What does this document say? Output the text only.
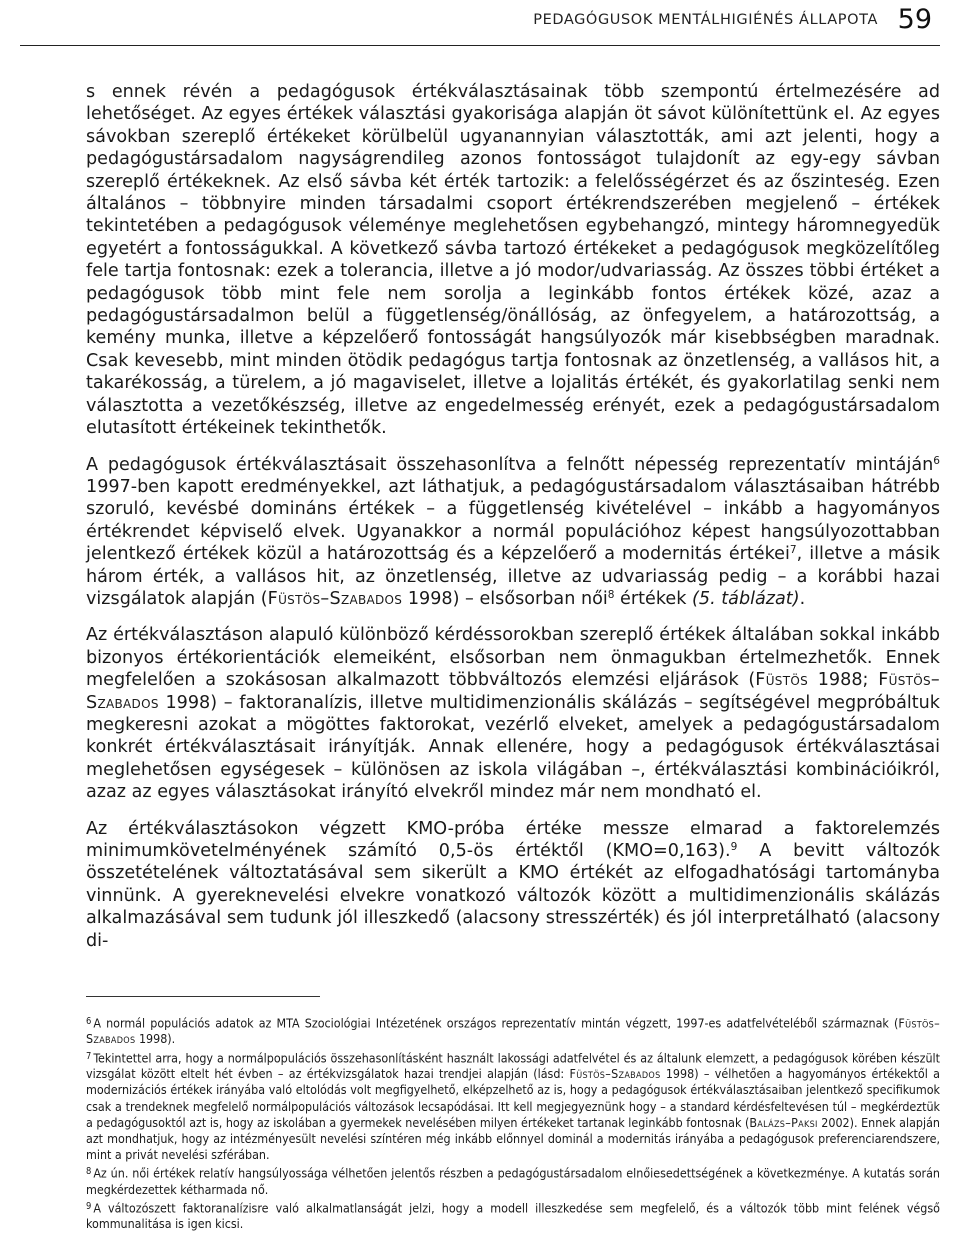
PEDAGÓGUSOK MENTÁLHIGIÉNÉS ÁLLAPOTA 59

s ennek révén a pedagógusok értékválasztásainak több szempontú értelmezésére ad lehetőséget. Az egyes értékek választási gyakorisága alapján öt sávot különítettünk el. Az egyes sávokban szereplő értékeket körülbelül ugyanannyian választották, ami azt jelenti, hogy a pedagógustársadalom nagyságrendileg azonos fontosságot tulajdonít az egy-egy sávban szereplő értékeknek. Az első sávba két érték tartozik: a felelősségérzet és az őszinteség. Ezen általános – többnyire minden társadalmi csoport értékrendszerében megjelenő – értékek tekintetében a pedagógusok véleménye meglehetősen egybehangzó, mintegy háromnegyedük egyetért a fontosságukkal. A következő sávba tartozó értékeket a pedagógusok megközelítőleg fele tartja fontosnak: ezek a tolerancia, illetve a jó modor/udvariasság. Az összes többi értéket a pedagógusok több mint fele nem sorolja a leginkább fontos értékek közé, azaz a pedagógustársadalmon belül a függetlenség/önállóság, az önfegyelem, a határozottság, a kemény munka, illetve a képzelőerő fontosságát hangsúlyozók már kisebbségben maradnak. Csak kevesebb, mint minden ötödik pedagógus tartja fontosnak az önzetlenség, a vallásos hit, a takarékosság, a türelem, a jó magaviselet, illetve a lojalitás értékét, és gyakorlatilag senki nem választotta a vezetőkészség, illetve az engedelmesség erényét, ezek a pedagógustársadalom elutasított értékeinek tekinthetők.

A pedagógusok értékválasztásait összehasonlítva a felnőtt népesség reprezentatív mintáján$^6$ 1997-ben kapott eredményekkel, azt láthatjuk, a pedagógustársadalom választásaiban hátrébb szoruló, kevésbé domináns értékek – a függetlenség kivételével – inkább a hagyományos értékrendet képviselő elvek. Ugyanakkor a normál populációhoz képest hangsúlyozottabban jelentkező értékek közül a határozottság és a képzelőerő a modernitás értékei$^7$, illetve a másik három érték, a vallásos hit, az önzetlenség, illetve az udvariasság pedig – a korábbi hazai vizsgálatok alapján (Füstös–Szabados 1998) – elsősorban női$^8$ értékek (5. táblázat).

Az értékválasztáson alapuló különböző kérdéssorokban szereplő értékek általában sokkal inkább bizonyos értékorientációk elemeiként, elsősorban nem önmagukban értelmezhetők. Ennek megfelelően a szokásosan alkalmazott többváltozós elemzési eljárások (Füstös 1988; Füstös–Szabados 1998) – faktoranalízis, illetve multidimenzionális skálázás – segítségével megpróbáltuk megkeresni azokat a mögöttes faktorokat, vezérlő elveket, amelyek a pedagógustársadalom konkrét értékválasztásait irányítják. Annak ellenére, hogy a pedagógusok értékválasztásai meglehetősen egységesek – különösen az iskola világában –, értékválasztási kombinációikról, azaz az egyes választásokat irányító elvekről mindez már nem mondható el.

Az értékválasztásokon végzett KMO-próba értéke messze elmarad a faktorelemzés minimumkövetelményének számító 0,5-ös értéktől (KMO=0,163).$^9$ A bevitt változók összetételének változtatásával sem sikerült a KMO értékét az elfogadhatósági tartományba vinnünk. A gyereknevelési elvekre vonatkozó változók között a multidimenzionális skálázás alkalmazásával sem tudunk jól illeszkedő (alacsony stresszérték) és jól interpretálható (alacsony di-

$^6$ A normál populációs adatok az MTA Szociológiai Intézetének országos reprezentatív mintán végzett, 1997-es adatfelvételéből származnak (Füstös–Szabados 1998).

$^7$ Tekintettel arra, hogy a normálpopulációs összehasonlításként használt lakossági adatfelvétel és az általunk elemzett, a pedagógusok körében készült vizsgálat között eltelt hét évben – az értékvizsgálatok hazai trendjei alapján (lásd: Füstös–Szabados 1998) – vélhetően a hagyományos értékektől a modernizációs értékek irányába való eltolódás volt megfigyelhető, elképzelhető az is, hogy a pedagógusok értékválasztásaiban jelentkező specifikumok csak a trendeknek megfelelő normálpopulációs változások lecsapódásai. Itt kell megjegyeznünk hogy – a standard kérdésfeltevésen túl – megkérdeztük a pedagógusoktól azt is, hogy az iskolában a gyermekek nevelésében milyen értékeket tartanak leginkább fontosnak (Balázs–Paksi 2002). Ennek alapján azt mondhatjuk, hogy az intézményesült nevelési színtéren még inkább előnnyel dominál a modernitás irányába a pedagógusok preferenciarendszere, mint a privát nevelési szférában.

$^8$ Az ún. női értékek relatív hangsúlyossága vélhetően jelentős részben a pedagógustársadalom elnőiesedettségének a következménye. A kutatás során megkérdezettek kétharmada nő.

$^9$ A változószett faktoranalízisre való alkalmatlanságát jelzi, hogy a modell illeszkedése sem megfelelő, és a változók több mint felének végső kommunalitása is igen kicsi.
